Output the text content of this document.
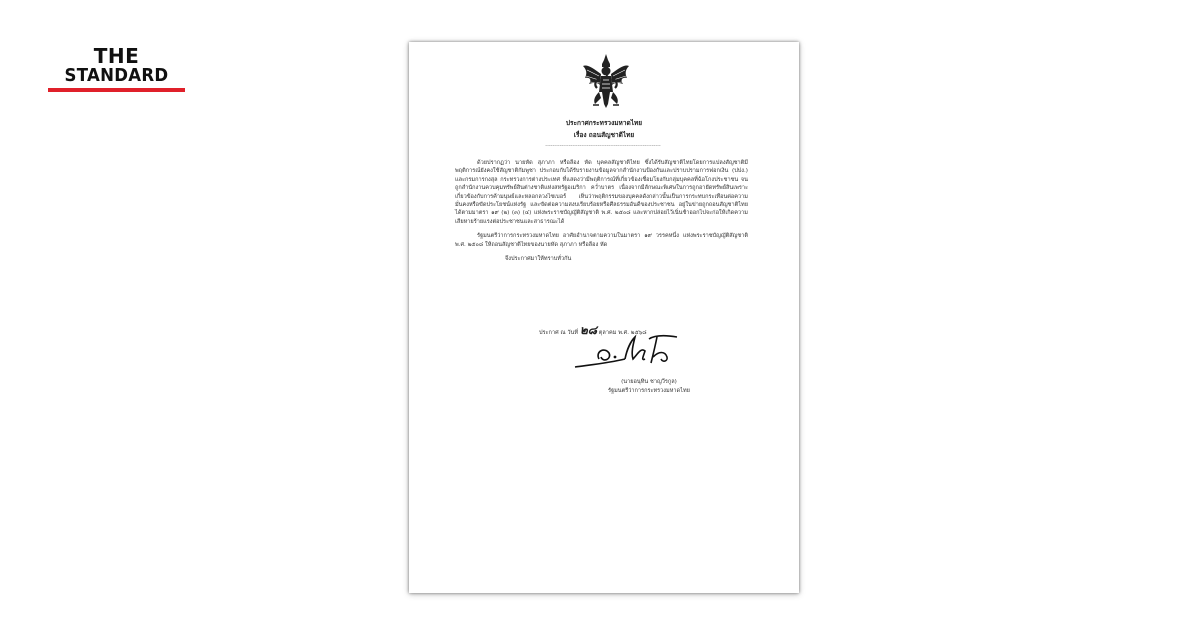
THE
STANDARD
ประกาศกระทรวงมหาดไทย
เรื่อง ถอนสัญชาติไทย
----------------------------------------------------------------

ด้วยปรากฏว่า นายหัด สุภาภา หรือลีอง หัด บุคคลสัญชาติไทย ซึ่งได้รับสัญชาติไทยโดยการแปลงสัญชาติมีพฤติการณ์ยังคงใช้สัญชาติกัมพูชา ประกอบกับได้รับรายงานข้อมูลจากสำนักงานป้องกันและปราบปรามการฟอกเงิน (ปปง.) และกรมการกงสุล กระทรวงการต่างประเทศ ที่แสดงว่ามีพฤติการณ์ที่เกี่ยวข้องเชื่อมโยงกับกลุ่มบุคคลที่ฉ้อโกงประชาชน จนถูกสำนักงานควบคุมทรัพย์สินต่างชาติแห่งสหรัฐอเมริกา คว่ำบาตร เนื่องจากมีลักษณะพิเศษในการถูกอายัดทรัพย์สินเพราะเกี่ยวข้องกับการค้ามนุษย์และหลอกลวงไซเบอร์ เห็นว่าพฤติกรรมของบุคคลดังกล่าวนั้นเป็นการกระทบกระเทือนต่อความมั่นคงหรือขัดประโยชน์แห่งรัฐ และขัดต่อความสงบเรียบร้อยหรือศีลธรรมอันดีของประชาชน อยู่ในข่ายถูกถอนสัญชาติไทยได้ตามมาตรา ๑๙ (๒) (๓) (๔) แห่งพระราชบัญญัติสัญชาติ พ.ศ. ๒๕๐๘ และหากปล่อยไว้เนิ่นช้าออกไปจะก่อให้เกิดความเสียหายร้ายแรงต่อประชาชนและสาธารณะได้

รัฐมนตรีว่าการกระทรวงมหาดไทย อาศัยอำนาจตามความในมาตรา ๑๙ วรรคหนึ่ง แห่งพระราชบัญญัติสัญชาติ พ.ศ. ๒๕๐๘ ให้ถอนสัญชาติไทยของนายหัด สุภาภา หรือลีอง หัด

จึงประกาศมาให้ทราบทั่วกัน

ประกาศ ณ วันที่ ๒๘ ตุลาคม พ.ศ. ๒๕๖๘
(นายอนุทิน ชาญวีรกูล)
รัฐมนตรีว่าการกระทรวงมหาดไทย
